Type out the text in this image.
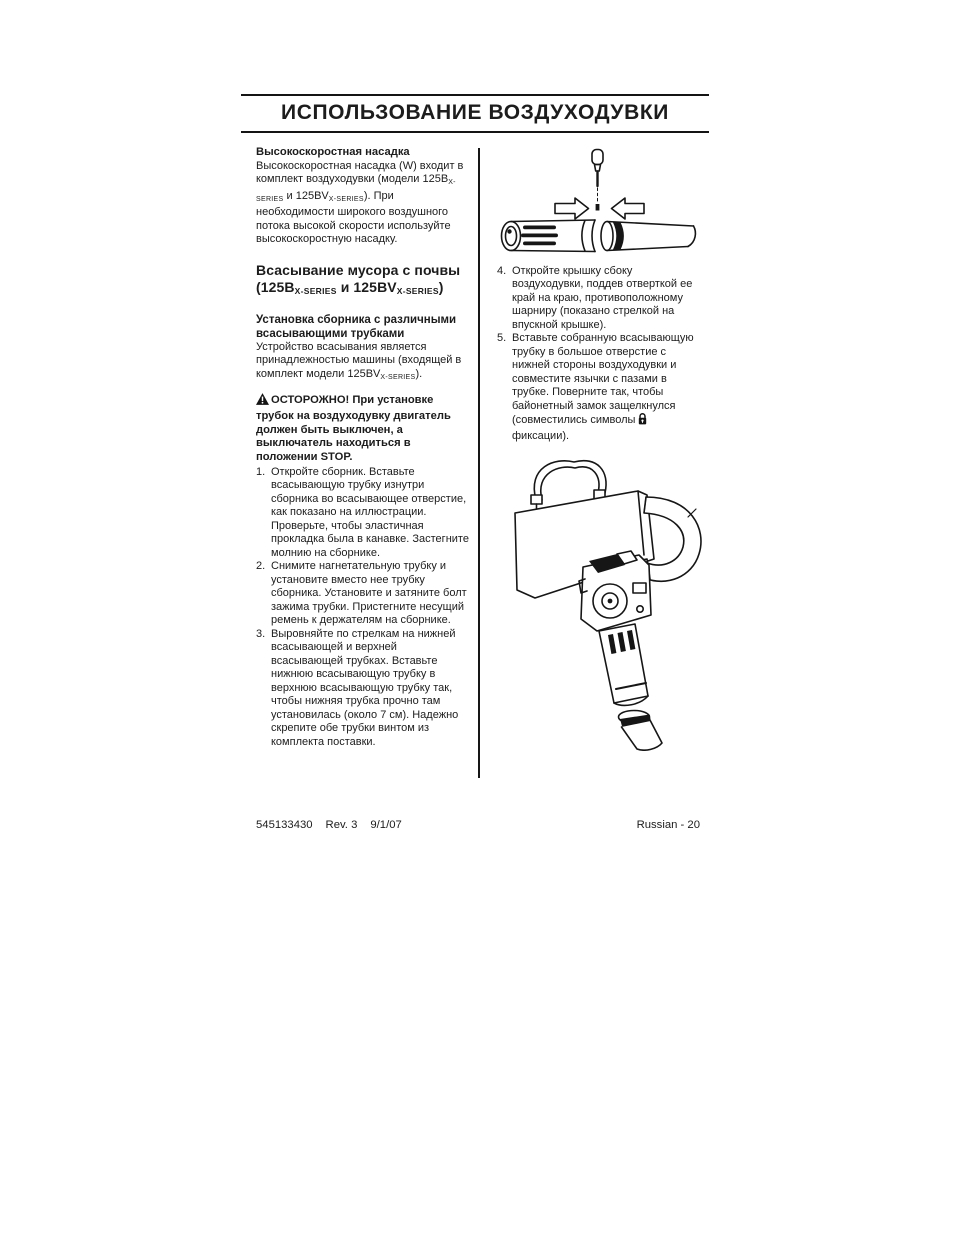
ИСПОЛЬЗОВАНИЕ ВОЗДУХОДУВКИ

Высокоскоростная насадка

Высокоскоростная насадка (W) входит в комплект воздуходувки (модели $125B_{X-SERIES}$ и $125BV_{X-SERIES}$). При необходимости широкого воздушного потока высокой скорости используйте высокоскоростную насадку.

Всасывание мусора с почвы (125BX-SERIES и 125BVX-SERIES)

Установка сборника с различными всасывающими трубками

Устройство всасывания является принадлежностью машины (входящей в комплект модели $125BV_{X-SERIES}$).

ОСТОРОЖНО! При установке трубок на воздуходувку двигатель должен быть выключен, а выключатель находиться в положении STOP.

1. Откройте сборник. Вставьте всасывающую трубку изнутри сборника во всасывающее отверстие, как показано на иллюстрации. Проверьте, чтобы эластичная прокладка была в канавке. Застегните молнию на сборнике.
2. Снимите нагнетательную трубку и установите вместо нее трубку сборника. Установите и затяните болт зажима трубки. Пристегните несущий ремень к держателям на сборнике.
3. Выровняйте по стрелкам на нижней всасывающей и верхней всасывающей трубках. Вставьте нижнюю всасывающую трубку в верхнюю всасывающую трубку так, чтобы нижняя трубка прочно там установилась (около 7 см). Надежно скрепите обе трубки винтом из комплекта поставки.
4. Откройте крышку сбоку воздуходувки, поддев отверткой ее край на краю, противоположному шарниру (показано стрелкой на впускной крышке).
5. Вставьте собранную всасывающую трубку в большое отверстие с нижней стороны воздуходувки и совместите язычки с пазами в трубке. Поверните так, чтобы байонетный замок защелкнулся (совместились символыфиксации).
545133430 Rev. 3 9/1/07	Russian - 20
